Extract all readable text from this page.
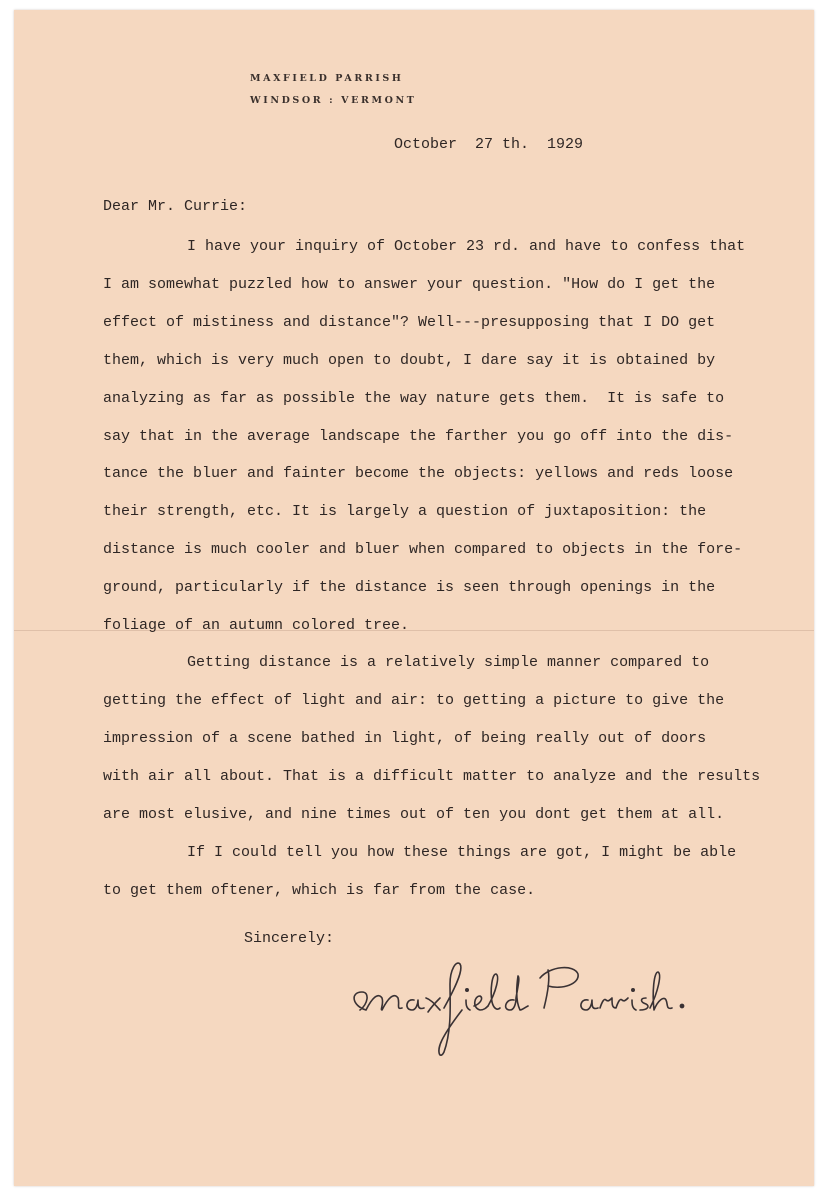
MAXFIELD PARRISH
WINDSOR : VERMONT
October  27 th.  1929
Dear Mr. Currie:
I have your inquiry of October 23 rd. and have to confess that
I am somewhat puzzled how to answer your question. "How do I get the
effect of mistiness and distance"? Well---presupposing that I DO get
them, which is very much open to doubt, I dare say it is obtained by
analyzing as far as possible the way nature gets them.  It is safe to
say that in the average landscape the farther you go off into the dis-
tance the bluer and fainter become the objects: yellows and reds loose
their strength, etc. It is largely a question of juxtaposition: the
distance is much cooler and bluer when compared to objects in the fore-
ground, particularly if the distance is seen through openings in the
foliage of an autumn colored tree.
Getting distance is a relatively simple manner compared to
getting the effect of light and air: to getting a picture to give the
impression of a scene bathed in light, of being really out of doors
with air all about. That is a difficult matter to analyze and the results
are most elusive, and nine times out of ten you dont get them at all.
If I could tell you how these things are got, I might be able
to get them oftener, which is far from the case.
Sincerely:
